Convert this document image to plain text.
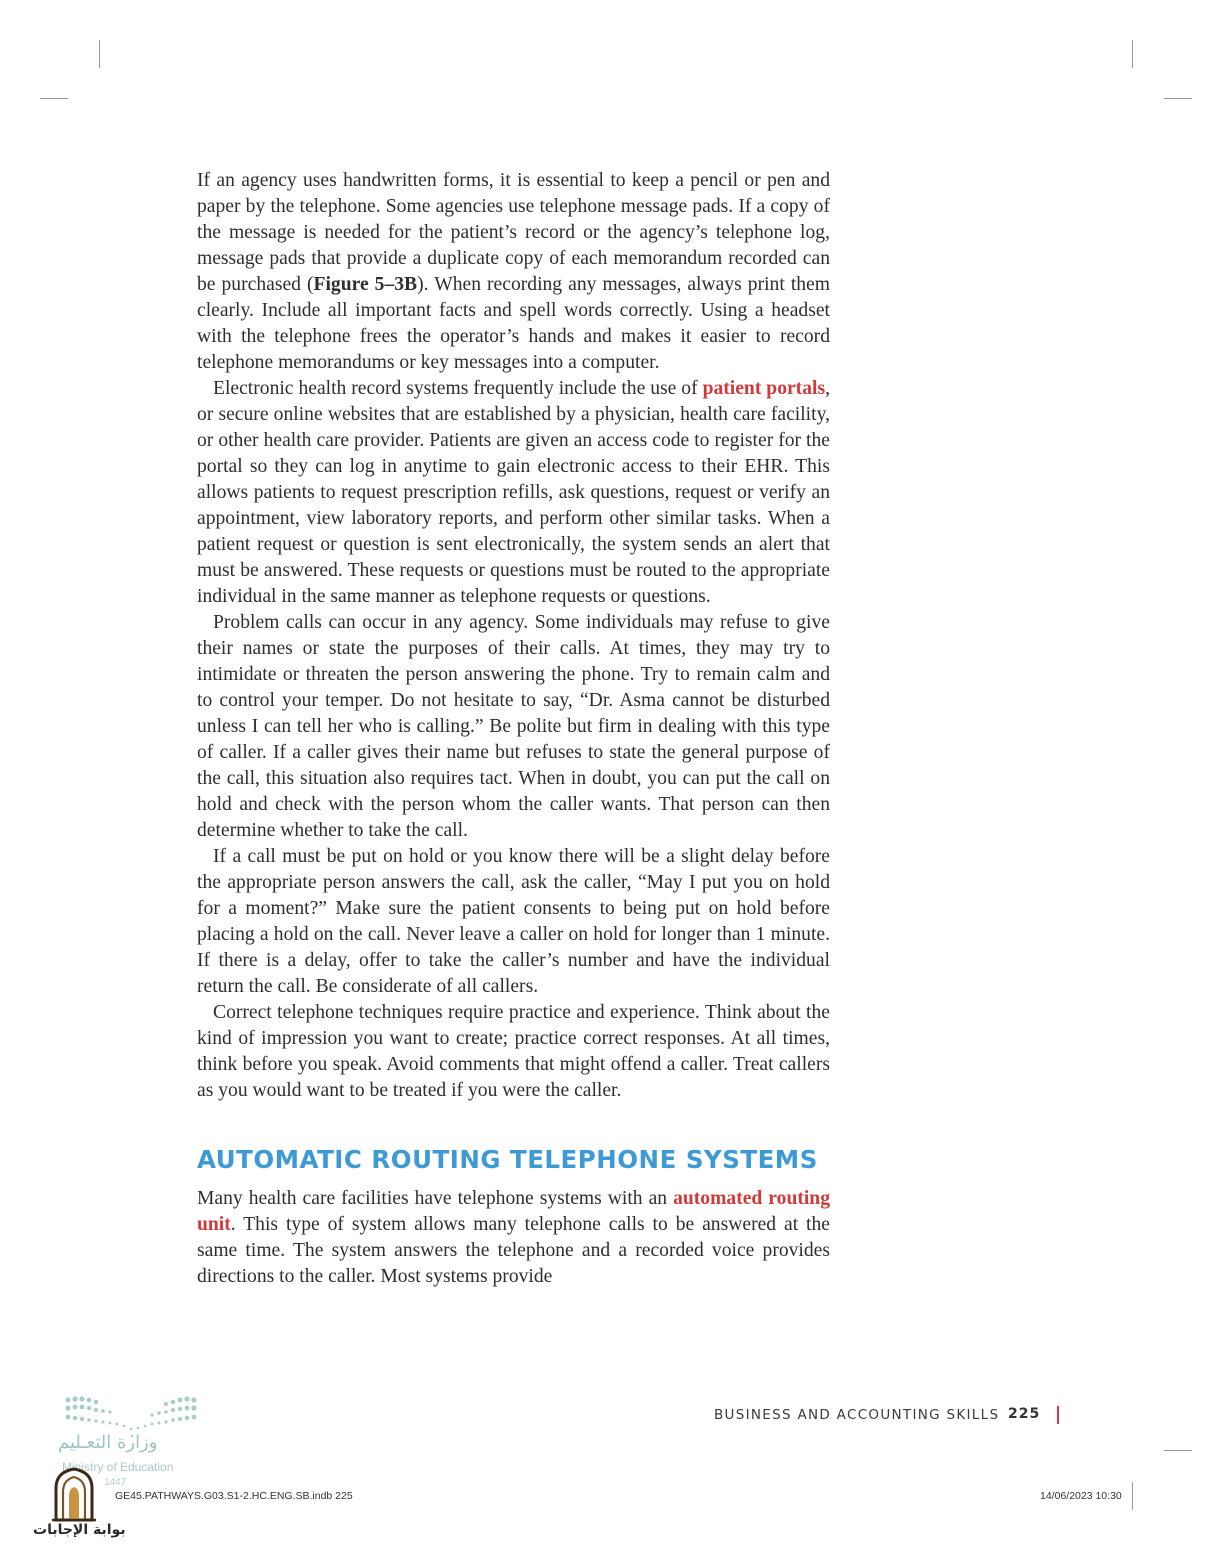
If an agency uses handwritten forms, it is essential to keep a pencil or pen and paper by the telephone. Some agencies use telephone message pads. If a copy of the message is needed for the patient’s record or the agency’s telephone log, message pads that provide a duplicate copy of each memorandum recorded can be purchased (Figure 5–3B). When recording any messages, always print them clearly. Include all important facts and spell words correctly. Using a headset with the telephone frees the operator’s hands and makes it easier to record telephone memorandums or key messages into a computer.

Electronic health record systems frequently include the use of patient portals, or secure online websites that are established by a physician, health care facility, or other health care provider. Patients are given an access code to register for the portal so they can log in anytime to gain electronic access to their EHR. This allows patients to request prescription refills, ask questions, request or verify an appointment, view laboratory reports, and perform other similar tasks. When a patient request or question is sent electronically, the system sends an alert that must be answered. These requests or questions must be routed to the appropriate individual in the same manner as telephone requests or questions.

Problem calls can occur in any agency. Some individuals may refuse to give their names or state the purposes of their calls. At times, they may try to intimidate or threaten the person answering the phone. Try to remain calm and to control your temper. Do not hesitate to say, “Dr. Asma cannot be disturbed unless I can tell her who is calling.” Be polite but firm in dealing with this type of caller. If a caller gives their name but refuses to state the general purpose of the call, this situation also requires tact. When in doubt, you can put the call on hold and check with the person whom the caller wants. That person can then determine whether to take the call.

If a call must be put on hold or you know there will be a slight delay before the appropriate person answers the call, ask the caller, “May I put you on hold for a moment?” Make sure the patient consents to being put on hold before placing a hold on the call. Never leave a caller on hold for longer than 1 minute. If there is a delay, offer to take the caller’s number and have the individual return the call. Be considerate of all callers.

Correct telephone techniques require practice and experience. Think about the kind of impression you want to create; practice correct responses. At all times, think before you speak. Avoid comments that might offend a caller. Treat callers as you would want to be treated if you were the caller.

AUTOMATIC ROUTING TELEPHONE SYSTEMS

Many health care facilities have telephone systems with an automated routing unit. This type of system allows many telephone calls to be answered at the same time. The system answers the telephone and a recorded voice provides directions to the caller. Most systems provide

وزارة التعـليم
Ministry of Education
1447
BUSINESS AND ACCOUNTING SKILLS 225
GE45.PATHWAYS.G03.S1-2.HC.ENG.SB.indb 225	14/06/2023 10:30
بوابة الإجابات
